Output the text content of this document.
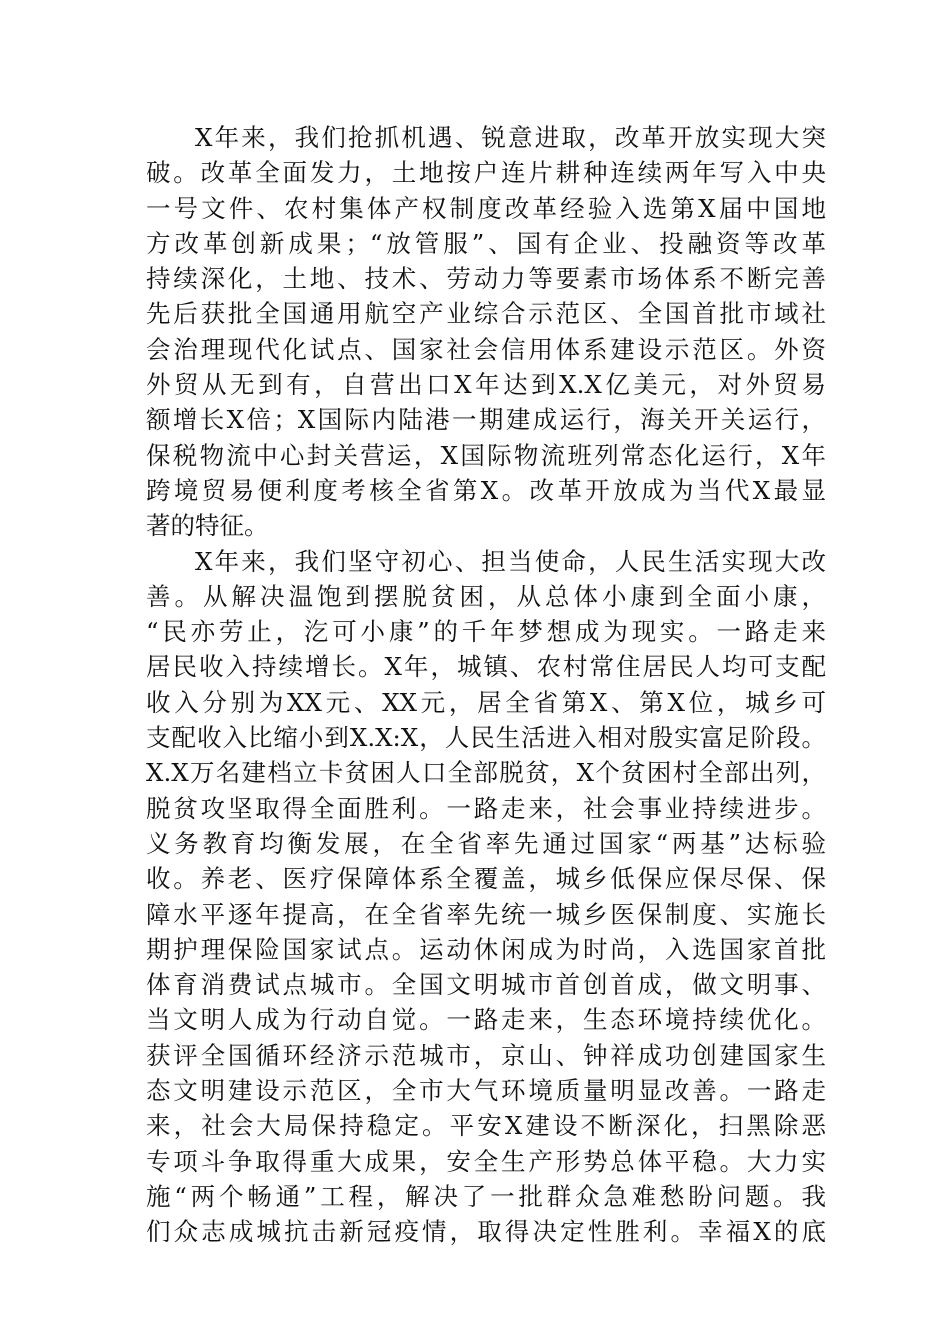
X年来，我们抢抓机遇、锐意进取，改革开放实现大突
破。改革全面发力，土地按户连片耕种连续两年写入中央
一号文件、农村集体产权制度改革经验入选第X届中国地
方改革创新成果；“放管服”、国有企业、投融资等改革
持续深化，土地、技术、劳动力等要素市场体系不断完善
先后获批全国通用航空产业综合示范区、全国首批市域社
会治理现代化试点、国家社会信用体系建设示范区。外资
外贸从无到有，自营出口X年达到X.X亿美元，对外贸易
额增长X倍；X国际内陆港一期建成运行，海关开关运行，
保税物流中心封关营运，X国际物流班列常态化运行，X年
跨境贸易便利度考核全省第X。改革开放成为当代X最显
著的特征。
X年来，我们坚守初心、担当使命，人民生活实现大改
善。从解决温饱到摆脱贫困，从总体小康到全面小康，
“民亦劳止，汔可小康”的千年梦想成为现实。一路走来
居民收入持续增长。X年，城镇、农村常住居民人均可支配
收入分别为XX元、XX元，居全省第X、第X位，城乡可
支配收入比缩小到X.X:X，人民生活进入相对殷实富足阶段。
X.X万名建档立卡贫困人口全部脱贫，X个贫困村全部出列，
脱贫攻坚取得全面胜利。一路走来，社会事业持续进步。
义务教育均衡发展，在全省率先通过国家“两基”达标验
收。养老、医疗保障体系全覆盖，城乡低保应保尽保、保
障水平逐年提高，在全省率先统一城乡医保制度、实施长
期护理保险国家试点。运动休闲成为时尚，入选国家首批
体育消费试点城市。全国文明城市首创首成，做文明事、
当文明人成为行动自觉。一路走来，生态环境持续优化。
获评全国循环经济示范城市，京山、钟祥成功创建国家生
态文明建设示范区，全市大气环境质量明显改善。一路走
来，社会大局保持稳定。平安X建设不断深化，扫黑除恶
专项斗争取得重大成果，安全生产形势总体平稳。大力实
施“两个畅通”工程，解决了一批群众急难愁盼问题。我
们众志成城抗击新冠疫情，取得决定性胜利。幸福X的底
